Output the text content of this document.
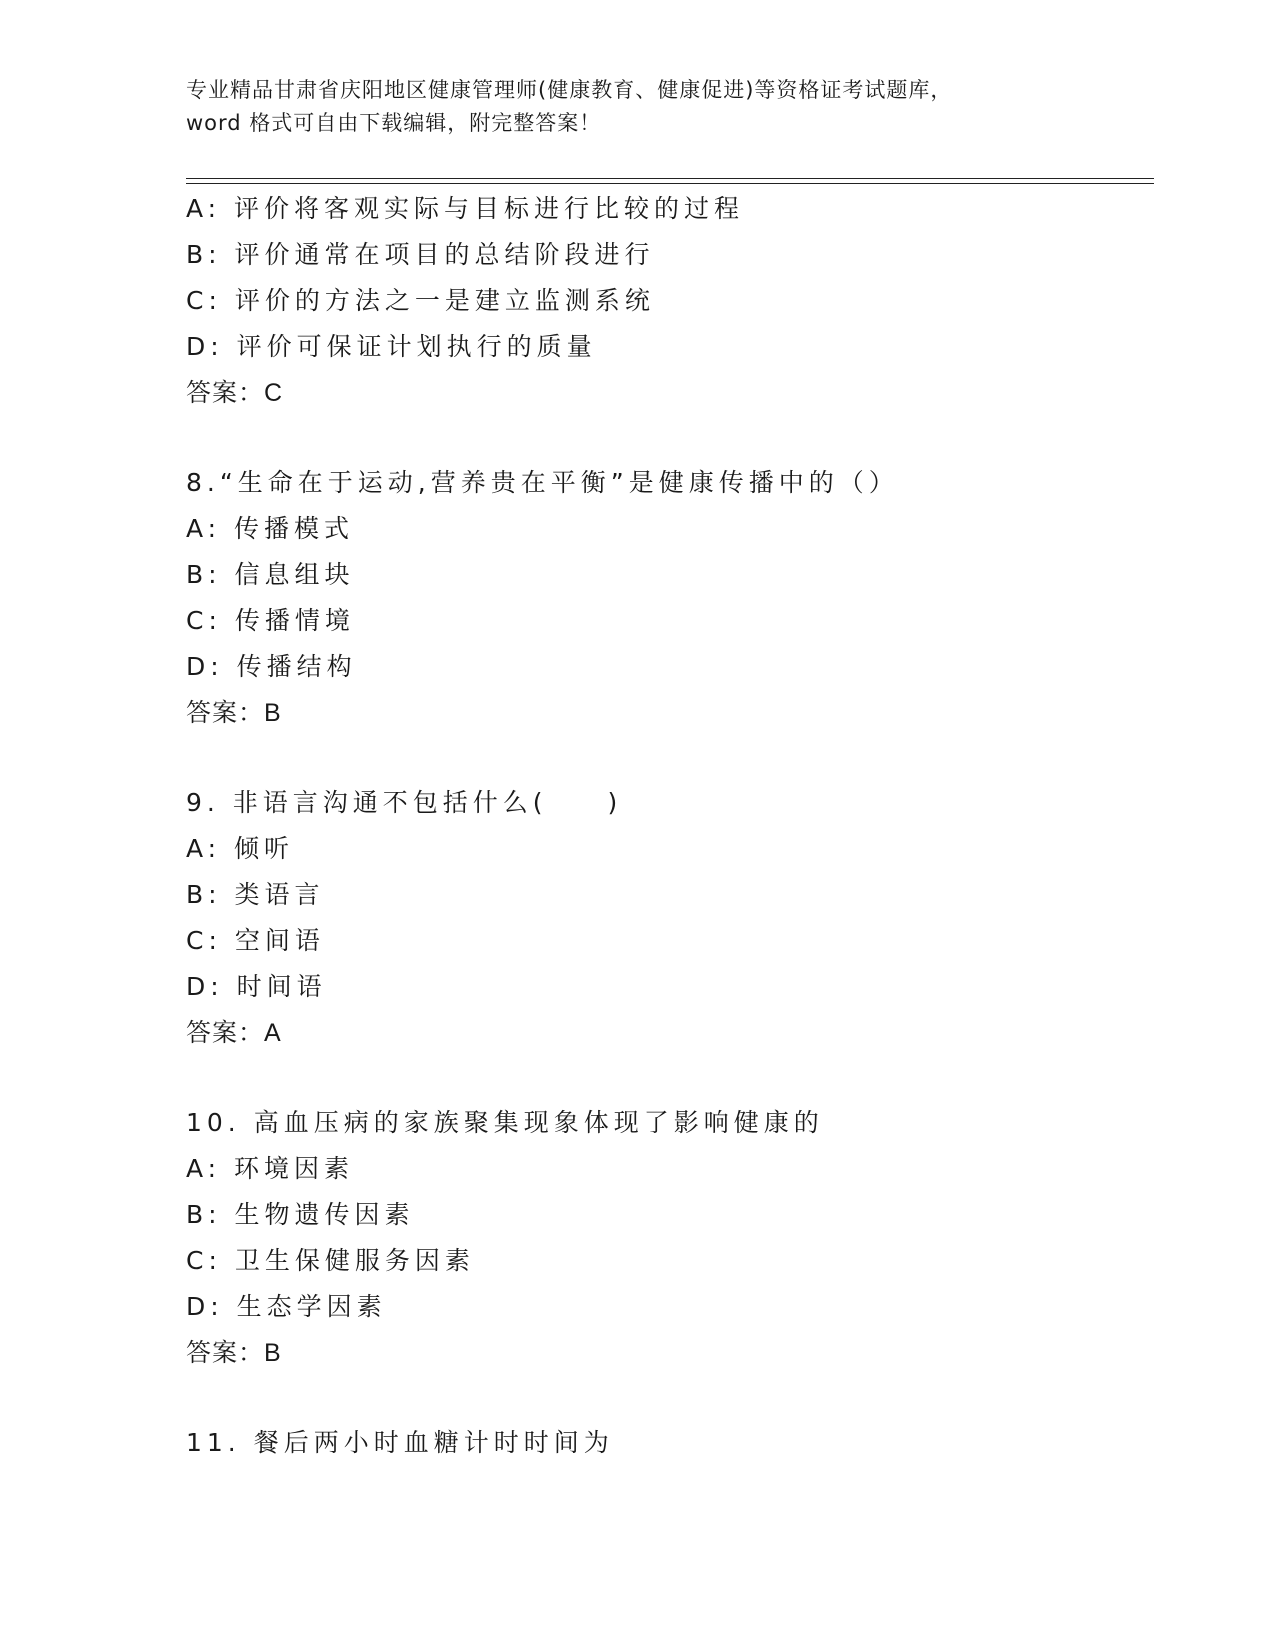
专业精品甘肃省庆阳地区健康管理师(健康教育、健康促进)等资格证考试题库，
word 格式可自由下载编辑，附完整答案！
A: 评价将客观实际与目标进行比较的过程
B: 评价通常在项目的总结阶段进行
C: 评价的方法之一是建立监测系统
D: 评价可保证计划执行的质量
答案：C
8.“生命在于运动,营养贵在平衡”是健康传播中的（）
A: 传播模式
B: 信息组块
C: 传播情境
D: 传播结构
答案：B
9. 非语言沟通不包括什么(　　)
A: 倾听
B: 类语言
C: 空间语
D: 时间语
答案：A
10. 高血压病的家族聚集现象体现了影响健康的
A: 环境因素
B: 生物遗传因素
C: 卫生保健服务因素
D: 生态学因素
答案：B
11. 餐后两小时血糖计时时间为
